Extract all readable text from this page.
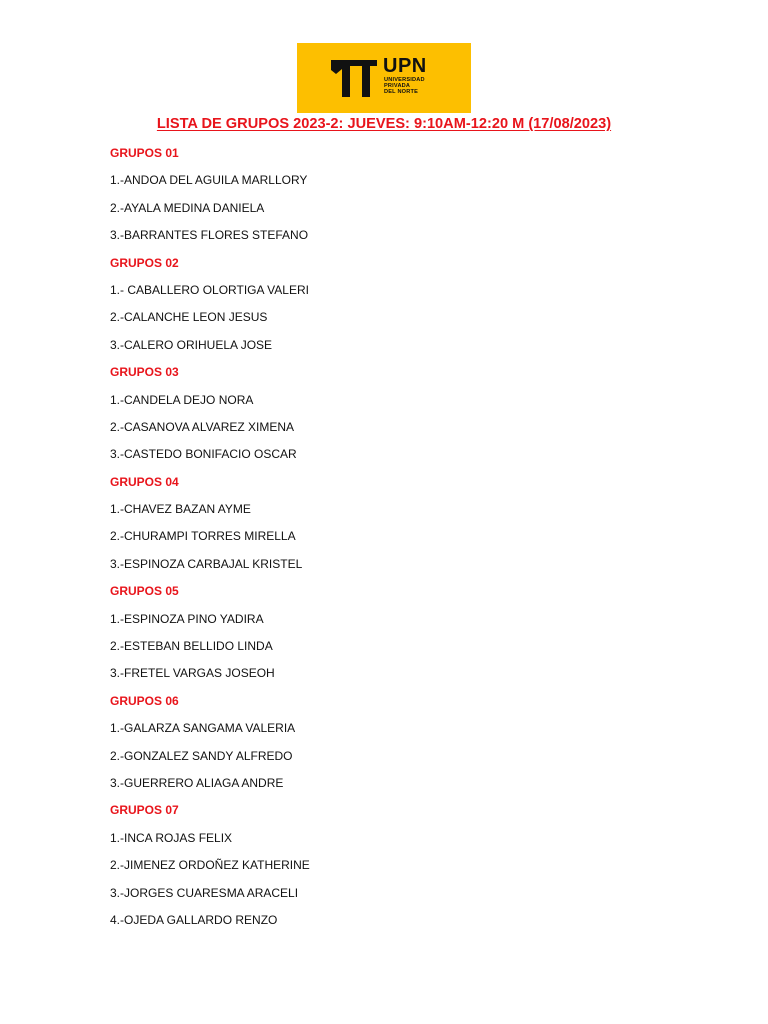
UPN
UNIVERSIDAD
PRIVADA
DEL NORTE
LISTA DE GRUPOS 2023-2: JUEVES: 9:10AM-12:20 M (17/08/2023)
GRUPOS 01
1.-ANDOA DEL AGUILA MARLLORY
2.-AYALA MEDINA DANIELA
3.-BARRANTES FLORES STEFANO
GRUPOS 02
1.- CABALLERO OLORTIGA VALERI
2.-CALANCHE LEON JESUS
3.-CALERO ORIHUELA JOSE
GRUPOS 03
1.-CANDELA DEJO NORA
2.-CASANOVA ALVAREZ XIMENA
3.-CASTEDO BONIFACIO OSCAR
GRUPOS 04
1.-CHAVEZ BAZAN AYME
2.-CHURAMPI TORRES MIRELLA
3.-ESPINOZA CARBAJAL KRISTEL
GRUPOS 05
1.-ESPINOZA PINO YADIRA
2.-ESTEBAN BELLIDO LINDA
3.-FRETEL VARGAS JOSEOH
GRUPOS 06
1.-GALARZA SANGAMA VALERIA
2.-GONZALEZ SANDY ALFREDO
3.-GUERRERO ALIAGA ANDRE
GRUPOS 07
1.-INCA ROJAS FELIX
2.-JIMENEZ ORDOÑEZ KATHERINE
3.-JORGES CUARESMA ARACELI
4.-OJEDA GALLARDO RENZO
